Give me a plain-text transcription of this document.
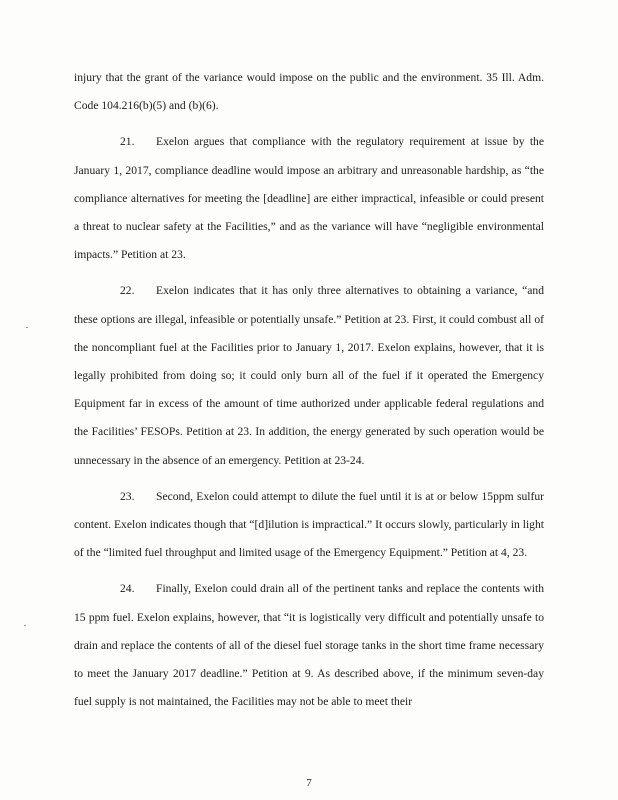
injury that the grant of the variance would impose on the public and the environment. 35 Ill. Adm. Code 104.216(b)(5) and (b)(6).

21. Exelon argues that compliance with the regulatory requirement at issue by the January 1, 2017, compliance deadline would impose an arbitrary and unreasonable hardship, as “the compliance alternatives for meeting the [deadline] are either impractical, infeasible or could present a threat to nuclear safety at the Facilities,” and as the variance will have “negligible environmental impacts.” Petition at 23.

22. Exelon indicates that it has only three alternatives to obtaining a variance, “and these options are illegal, infeasible or potentially unsafe.” Petition at 23. First, it could combust all of the noncompliant fuel at the Facilities prior to January 1, 2017. Exelon explains, however, that it is legally prohibited from doing so; it could only burn all of the fuel if it operated the Emergency Equipment far in excess of the amount of time authorized under applicable federal regulations and the Facilities’ FESOPs. Petition at 23. In addition, the energy generated by such operation would be unnecessary in the absence of an emergency. Petition at 23-24.

23. Second, Exelon could attempt to dilute the fuel until it is at or below 15ppm sulfur content. Exelon indicates though that “[d]ilution is impractical.” It occurs slowly, particularly in light of the “limited fuel throughput and limited usage of the Emergency Equipment.” Petition at 4, 23.

24. Finally, Exelon could drain all of the pertinent tanks and replace the contents with 15 ppm fuel. Exelon explains, however, that “it is logistically very difficult and potentially unsafe to drain and replace the contents of all of the diesel fuel storage tanks in the short time frame necessary to meet the January 2017 deadline.” Petition at 9. As described above, if the minimum seven-day fuel supply is not maintained, the Facilities may not be able to meet their

7
